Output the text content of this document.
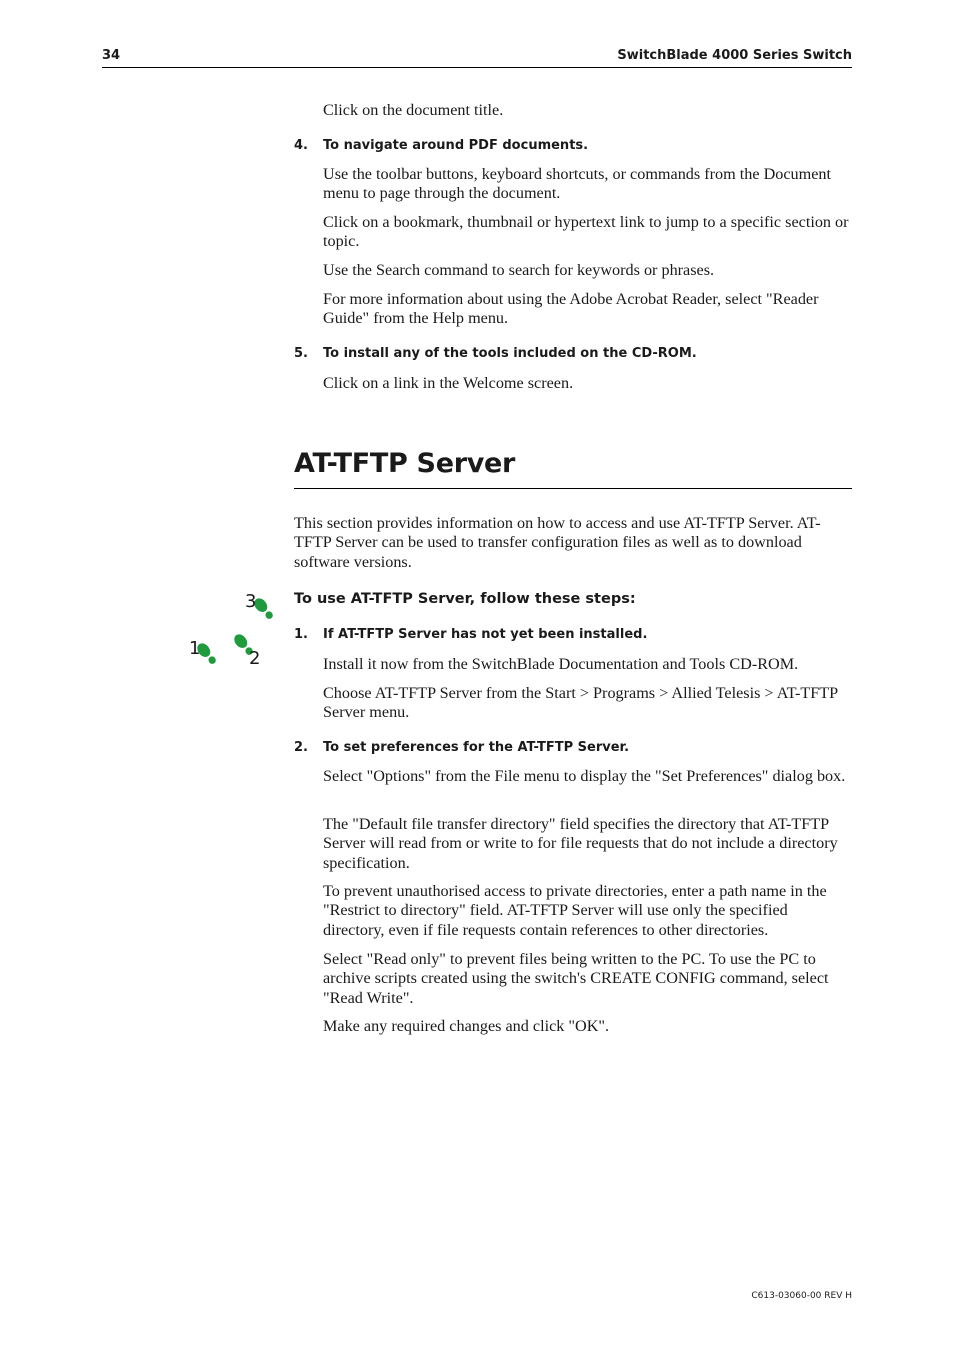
34	SwitchBlade 4000 Series Switch

Click on the document title.

4. To navigate around PDF documents.

Use the toolbar buttons, keyboard shortcuts, or commands from the Document menu to page through the document.

Click on a bookmark, thumbnail or hypertext link to jump to a specific section or topic.

Use the Search command to search for keywords or phrases.

For more information about using the Adobe Acrobat Reader, select "Reader Guide" from the Help menu.

5. To install any of the tools included on the CD-ROM.

Click on a link in the Welcome screen.

AT-TFTP Server

This section provides information on how to access and use AT-TFTP Server. AT-TFTP Server can be used to transfer configuration files as well as to download software versions.

3
1	2
To use AT-TFTP Server, follow these steps:
1. If AT-TFTP Server has not yet been installed.

Install it now from the SwitchBlade Documentation and Tools CD-ROM.

Choose AT-TFTP Server from the Start > Programs > Allied Telesis > AT-TFTP Server menu.

2. To set preferences for the AT-TFTP Server.

Select "Options" from the File menu to display the "Set Preferences" dialog box.

The "Default file transfer directory" field specifies the directory that AT-TFTP Server will read from or write to for file requests that do not include a directory specification.

To prevent unauthorised access to private directories, enter a path name in the "Restrict to directory" field. AT-TFTP Server will use only the specified directory, even if file requests contain references to other directories.

Select "Read only" to prevent files being written to the PC. To use the PC to archive scripts created using the switch's CREATE CONFIG command, select "Read Write".

Make any required changes and click "OK".

C613-03060-00 REV H
